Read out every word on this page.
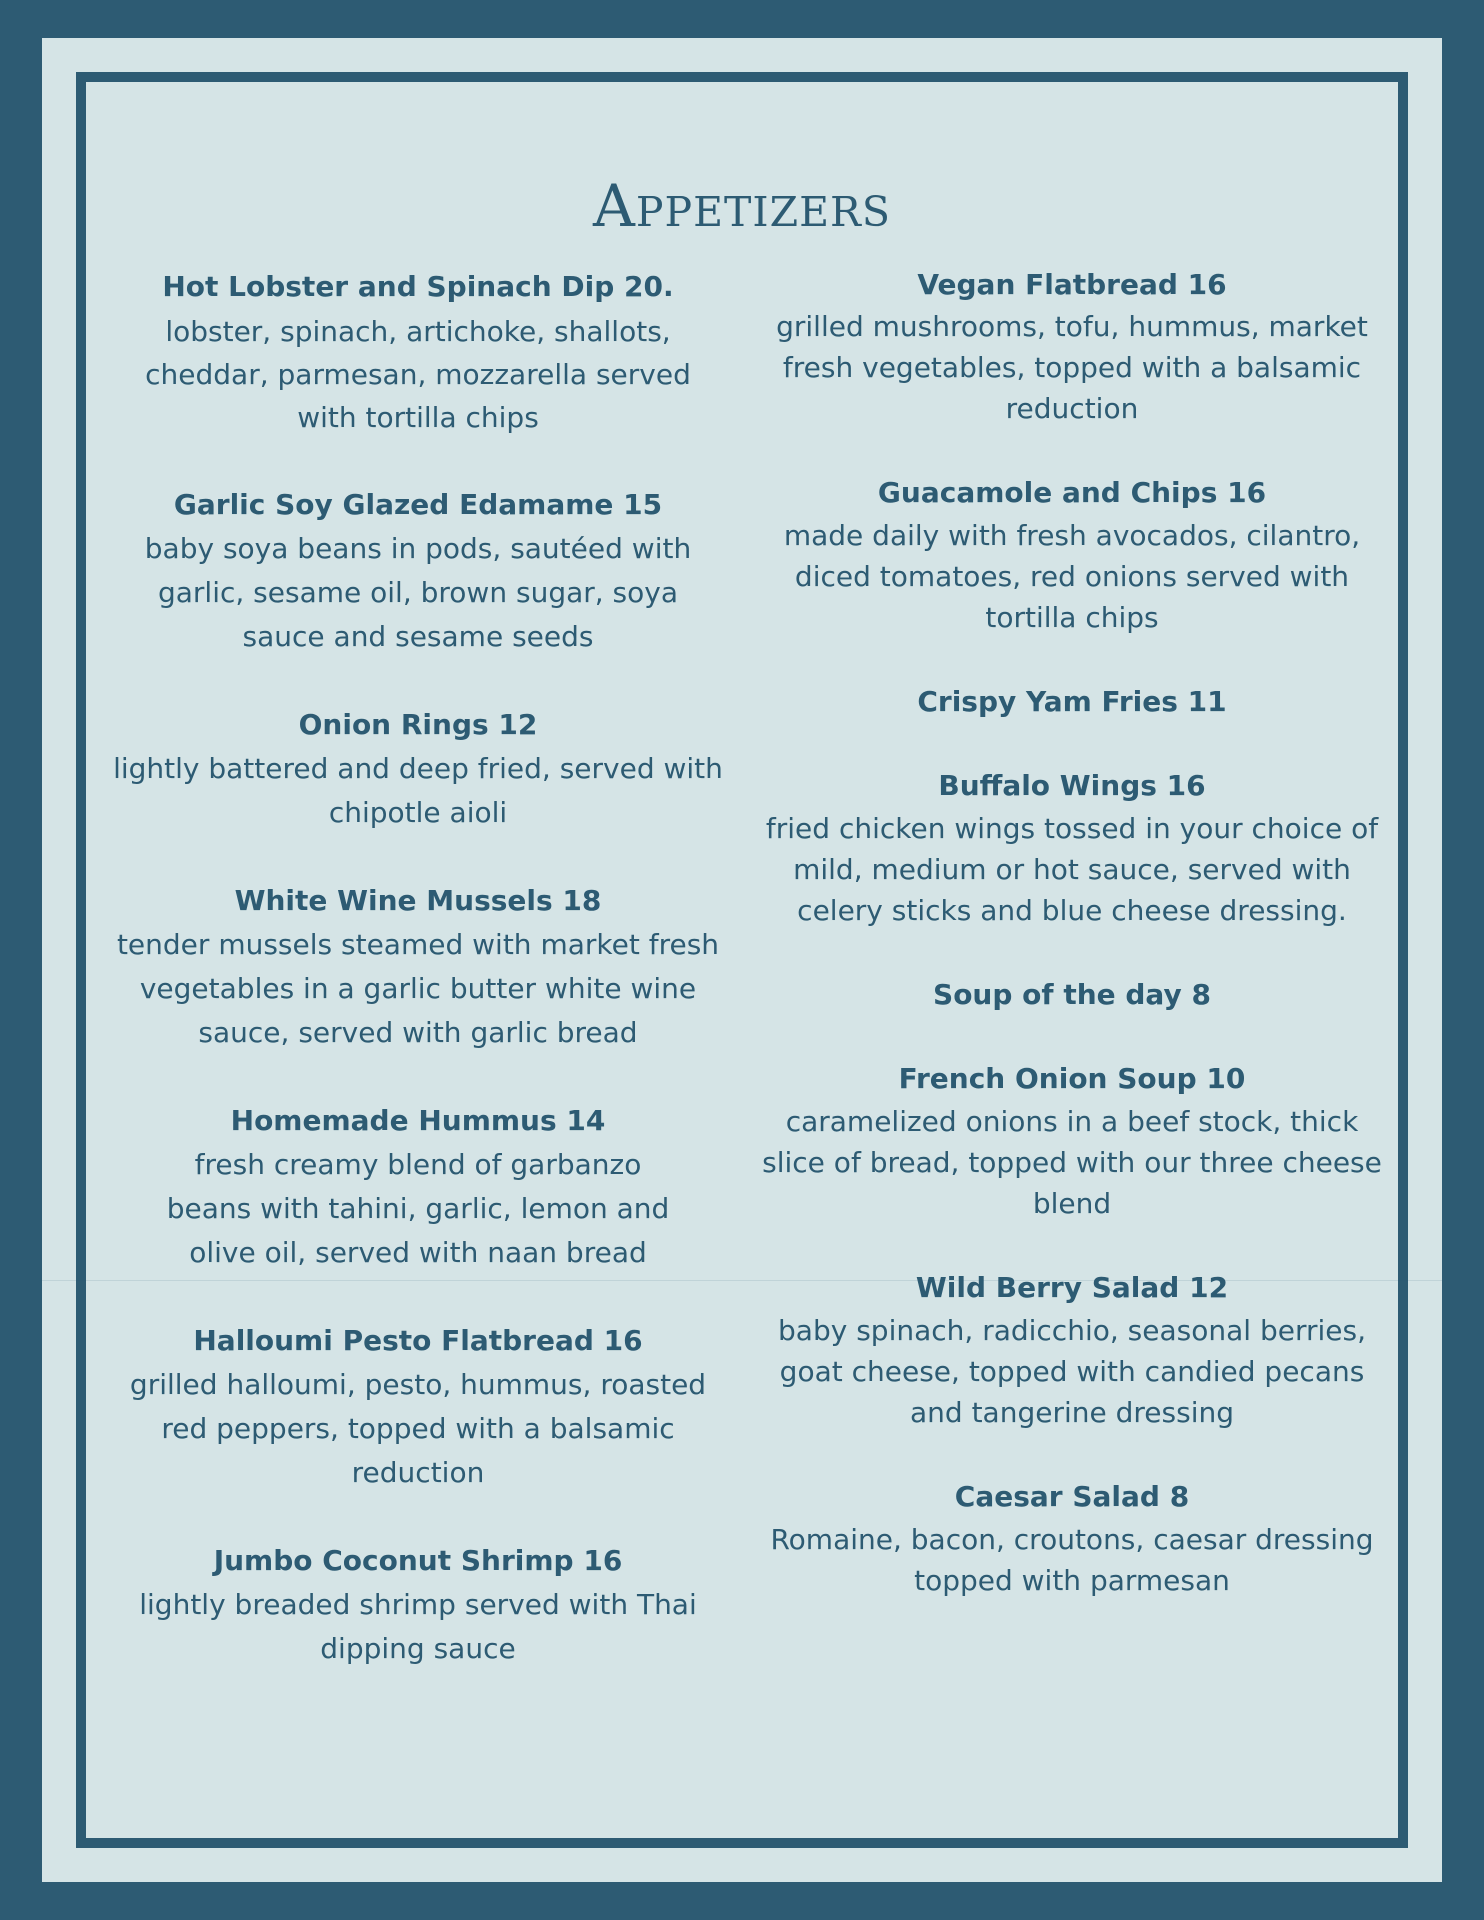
Appetizers

Hot Lobster and Spinach Dip 20.

lobster, spinach, artichoke, shallots, cheddar, parmesan, mozzarella served with tortilla chips

Garlic Soy Glazed Edamame 15

baby soya beans in pods, sautéed with garlic, sesame oil, brown sugar, soya sauce and sesame seeds

Onion Rings 12

lightly battered and deep fried, served with chipotle aioli

White Wine Mussels 18

tender mussels steamed with market fresh vegetables in a garlic butter white wine sauce, served with garlic bread

Homemade Hummus 14

fresh creamy blend of garbanzo beans with tahini, garlic, lemon and olive oil, served with naan bread

Halloumi Pesto Flatbread 16

grilled halloumi, pesto, hummus, roasted red peppers, topped with a balsamic reduction

Jumbo Coconut Shrimp 16

lightly breaded shrimp served with Thai dipping sauce

Vegan Flatbread 16

grilled mushrooms, tofu, hummus, market fresh vegetables, topped with a balsamic reduction

Guacamole and Chips 16

made daily with fresh avocados, cilantro, diced tomatoes, red onions served with tortilla chips

Crispy Yam Fries 11

Buffalo Wings 16

fried chicken wings tossed in your choice of mild, medium or hot sauce, served with celery sticks and blue cheese dressing.

Soup of the day 8

French Onion Soup 10

caramelized onions in a beef stock, thick slice of bread, topped with our three cheese blend

Wild Berry Salad 12

baby spinach, radicchio, seasonal berries, goat cheese, topped with candied pecans and tangerine dressing

Caesar Salad 8

Romaine, bacon, croutons, caesar dressing topped with parmesan
